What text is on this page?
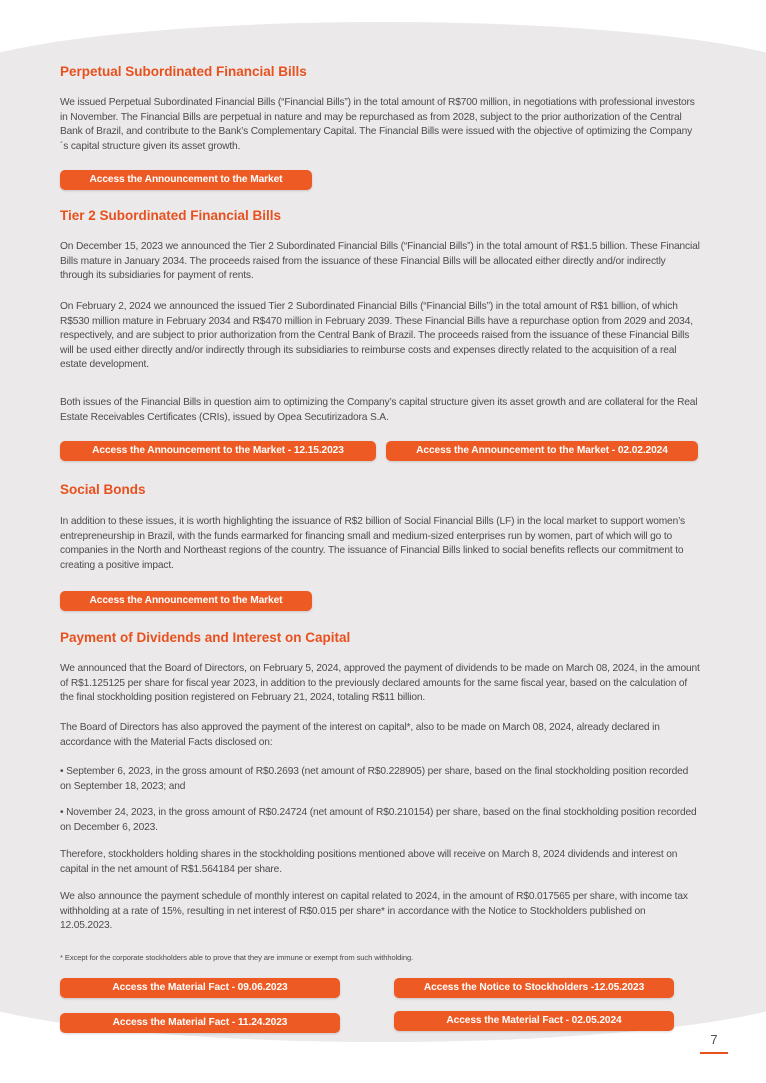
Perpetual Subordinated Financial Bills

We issued Perpetual Subordinated Financial Bills (“Financial Bills”) in the total amount of R$700 million, in negotiations with professional investors in November. The Financial Bills are perpetual in nature and may be repurchased as from 2028, subject to the prior authorization of the Central Bank of Brazil, and contribute to the Bank’s Complementary Capital. The Financial Bills were issued with the objective of optimizing the Company´s capital structure given its asset growth.

Access the Announcement to the Market
Tier 2 Subordinated Financial Bills

On December 15, 2023 we announced the Tier 2 Subordinated Financial Bills (“Financial Bills”) in the total amount of R$1.5 billion. These Financial Bills mature in January 2034. The proceeds raised from the issuance of these Financial Bills will be allocated either directly and/or indirectly through its subsidiaries for payment of rents.

On February 2, 2024 we announced the issued Tier 2 Subordinated Financial Bills (“Financial Bills”) in the total amount of R$1 billion, of which R$530 million mature in February 2034 and R$470 million in February 2039. These Financial Bills have a repurchase option from 2029 and 2034, respectively, and are subject to prior authorization from the Central Bank of Brazil. The proceeds raised from the issuance of these Financial Bills will be used either directly and/or indirectly through its subsidiaries to reimburse costs and expenses directly related to the acquisition of a real estate development.

Both issues of the Financial Bills in question aim to optimizing the Company’s capital structure given its asset growth and are collateral for the Real Estate Receivables Certificates (CRIs), issued by Opea Secutirizadora S.A.

Access the Announcement to the Market - 12.15.2023	Access the Announcement to the Market - 02.02.2024
Social Bonds

In addition to these issues, it is worth highlighting the issuance of R$2 billion of Social Financial Bills (LF) in the local market to support women’s entrepreneurship in Brazil, with the funds earmarked for financing small and medium-sized enterprises run by women, part of which will go to companies in the North and Northeast regions of the country. The issuance of Financial Bills linked to social benefits reflects our commitment to creating a positive impact.

Access the Announcement to the Market
Payment of Dividends and Interest on Capital

We announced that the Board of Directors, on February 5, 2024, approved the payment of dividends to be made on March 08, 2024, in the amount of R$1.125125 per share for fiscal year 2023, in addition to the previously declared amounts for the same fiscal year, based on the calculation of the final stockholding position registered on February 21, 2024, totaling R$11 billion.

The Board of Directors has also approved the payment of the interest on capital*, also to be made on March 08, 2024, already declared in accordance with the Material Facts disclosed on:

• September 6, 2023, in the gross amount of R$0.2693 (net amount of R$0.228905) per share, based on the final stockholding position recorded on September 18, 2023; and

• November 24, 2023, in the gross amount of R$0.24724 (net amount of R$0.210154) per share, based on the final stockholding position recorded on December 6, 2023.

Therefore, stockholders holding shares in the stockholding positions mentioned above will receive on March 8, 2024 dividends and interest on capital in the net amount of R$1.564184 per share.

We also announce the payment schedule of monthly interest on capital related to 2024, in the amount of R$0.017565 per share, with income tax withholding at a rate of 15%, resulting in net interest of R$0.015 per share* in accordance with the Notice to Stockholders published on 12.05.2023.

* Except for the corporate stockholders able to prove that they are immune or exempt from such withholding.

Access the Material Fact - 09.06.2023	Access the Notice to Stockholders -12.05.2023
Access the Material Fact - 11.24.2023	Access the Material Fact - 02.05.2024
7
